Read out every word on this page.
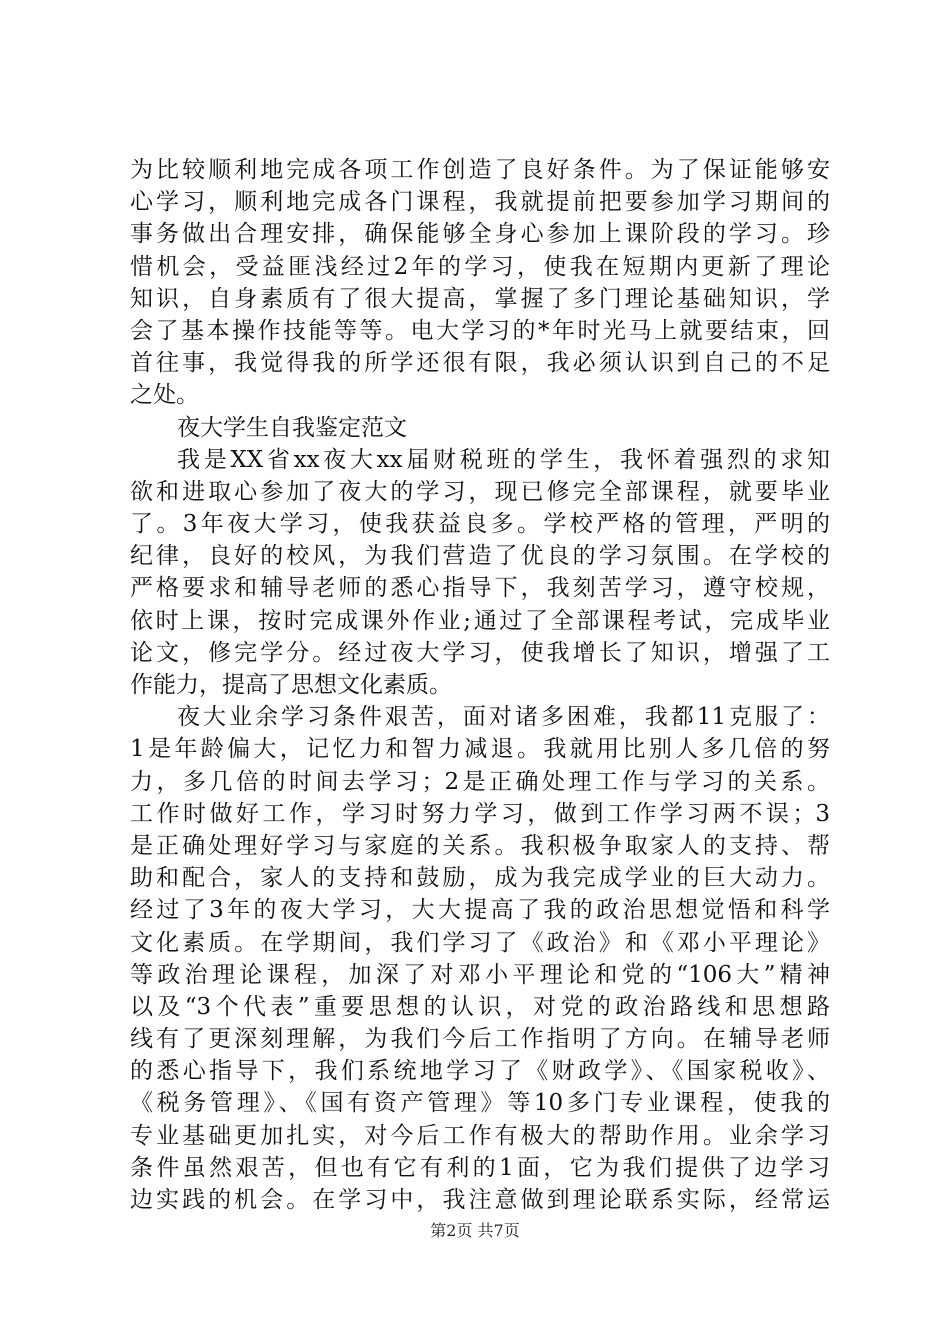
为比较顺利地完成各项工作创造了良好条件。为了保证能够安
心学习，顺利地完成各门课程，我就提前把要参加学习期间的
事务做出合理安排，确保能够全身心参加上课阶段的学习。珍
惜机会，受益匪浅经过2年的学习，使我在短期内更新了理论
知识，自身素质有了很大提高，掌握了多门理论基础知识，学
会了基本操作技能等等。电大学习的*年时光马上就要结束，回
首往事，我觉得我的所学还很有限，我必须认识到自己的不足
之处。
夜大学生自我鉴定范文
我是XX省xx夜大xx届财税班的学生，我怀着强烈的求知
欲和进取心参加了夜大的学习，现已修完全部课程，就要毕业
了。3年夜大学习，使我获益良多。学校严格的管理，严明的
纪律，良好的校风，为我们营造了优良的学习氛围。在学校的
严格要求和辅导老师的悉心指导下，我刻苦学习，遵守校规，
依时上课，按时完成课外作业;通过了全部课程考试，完成毕业
论文，修完学分。经过夜大学习，使我增长了知识，增强了工
作能力，提高了思想文化素质。
夜大业余学习条件艰苦，面对诸多困难，我都11克服了：
1是年龄偏大，记忆力和智力减退。我就用比别人多几倍的努
力，多几倍的时间去学习；2是正确处理工作与学习的关系。
工作时做好工作，学习时努力学习，做到工作学习两不误；3
是正确处理好学习与家庭的关系。我积极争取家人的支持、帮
助和配合，家人的支持和鼓励，成为我完成学业的巨大动力。
经过了3年的夜大学习，大大提高了我的政治思想觉悟和科学
文化素质。在学期间，我们学习了《政治》和《邓小平理论》
等政治理论课程，加深了对邓小平理论和党的“106大”精神
以及“3个代表”重要思想的认识，对党的政治路线和思想路
线有了更深刻理解，为我们今后工作指明了方向。在辅导老师
的悉心指导下，我们系统地学习了《财政学》、《国家税收》、
《税务管理》、《国有资产管理》等10多门专业课程，使我的
专业基础更加扎实，对今后工作有极大的帮助作用。业余学习
条件虽然艰苦，但也有它有利的1面，它为我们提供了边学习
边实践的机会。在学习中，我注意做到理论联系实际，经常运
第2页 共7页
